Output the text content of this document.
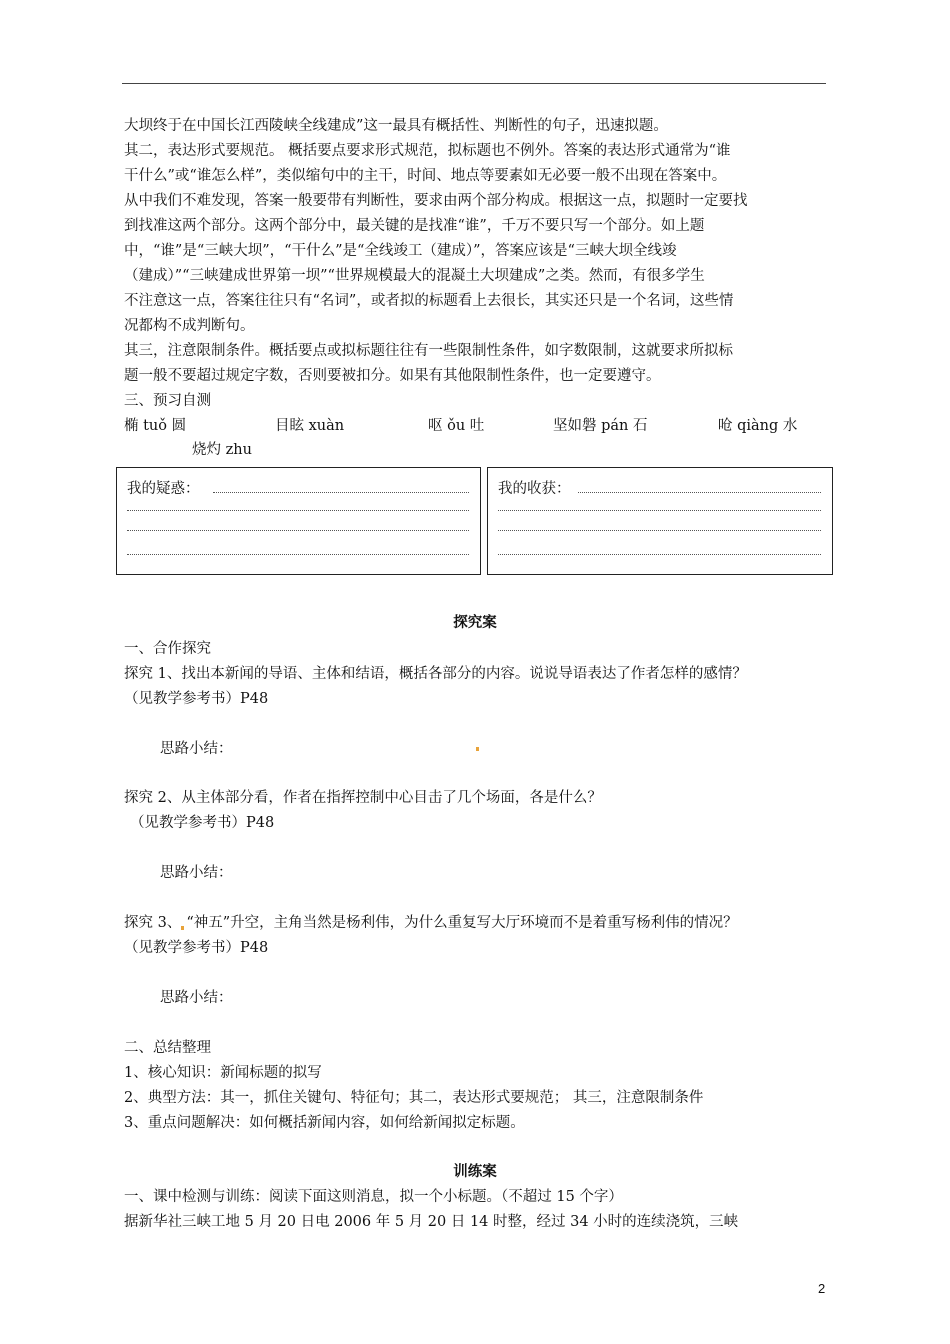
大坝终于在中国长江西陵峡全线建成”这一最具有概括性、判断性的句子，迅速拟题。
其二，表达形式要规范。 概括要点要求形式规范，拟标题也不例外。答案的表达形式通常为“谁
干什么”或“谁怎么样”，类似缩句中的主干，时间、地点等要素如无必要一般不出现在答案中。
从中我们不难发现，答案一般要带有判断性，要求由两个部分构成。根据这一点，拟题时一定要找
到找准这两个部分。这两个部分中，最关键的是找准“谁”，千万不要只写一个部分。如上题
中，“谁”是“三峡大坝”，“干什么”是“全线竣工（建成）”，答案应该是“三峡大坝全线竣
（建成）”“三峡建成世界第一坝”“世界规模最大的混凝土大坝建成”之类。然而，有很多学生
不注意这一点，答案往往只有“名词”，或者拟的标题看上去很长，其实还只是一个名词，这些情
况都构不成判断句。
其三，注意限制条件。概括要点或拟标题往往有一些限制性条件，如字数限制，这就要求所拟标
题一般不要超过规定字数，否则要被扣分。如果有其他限制性条件，也一定要遵守。
三、预习自测
椭 tuǒ 圆	目眩 xuàn	呕 ǒu 吐	坚如磐 pán 石	呛 qiàng 水
烧灼 zhu
我的疑惑：	我的收获：
探究案
一、合作探究
探究 1、找出本新闻的导语、主体和结语，概括各部分的内容。说说导语表达了作者怎样的感情？
（见教学参考书）P48
思路小结：
探究 2、从主体部分看，作者在指挥控制中心目击了几个场面，各是什么？
（见教学参考书）P48
思路小结：
探究 3、 “神五”升空，主角当然是杨利伟，为什么重复写大厅环境而不是着重写杨利伟的情况？
（见教学参考书）P48
思路小结：
二、总结整理
1、核心知识：新闻标题的拟写
2、典型方法：其一，抓住关键句、特征句；其二，表达形式要规范； 其三，注意限制条件
3、重点问题解决：如何概括新闻内容，如何给新闻拟定标题。
训练案
一、课中检测与训练：阅读下面这则消息，拟一个小标题。（不超过 15 个字）
据新华社三峡工地 5 月 20 日电 2006 年 5 月 20 日 14 时整，经过 34 小时的连续浇筑，三峡
2
